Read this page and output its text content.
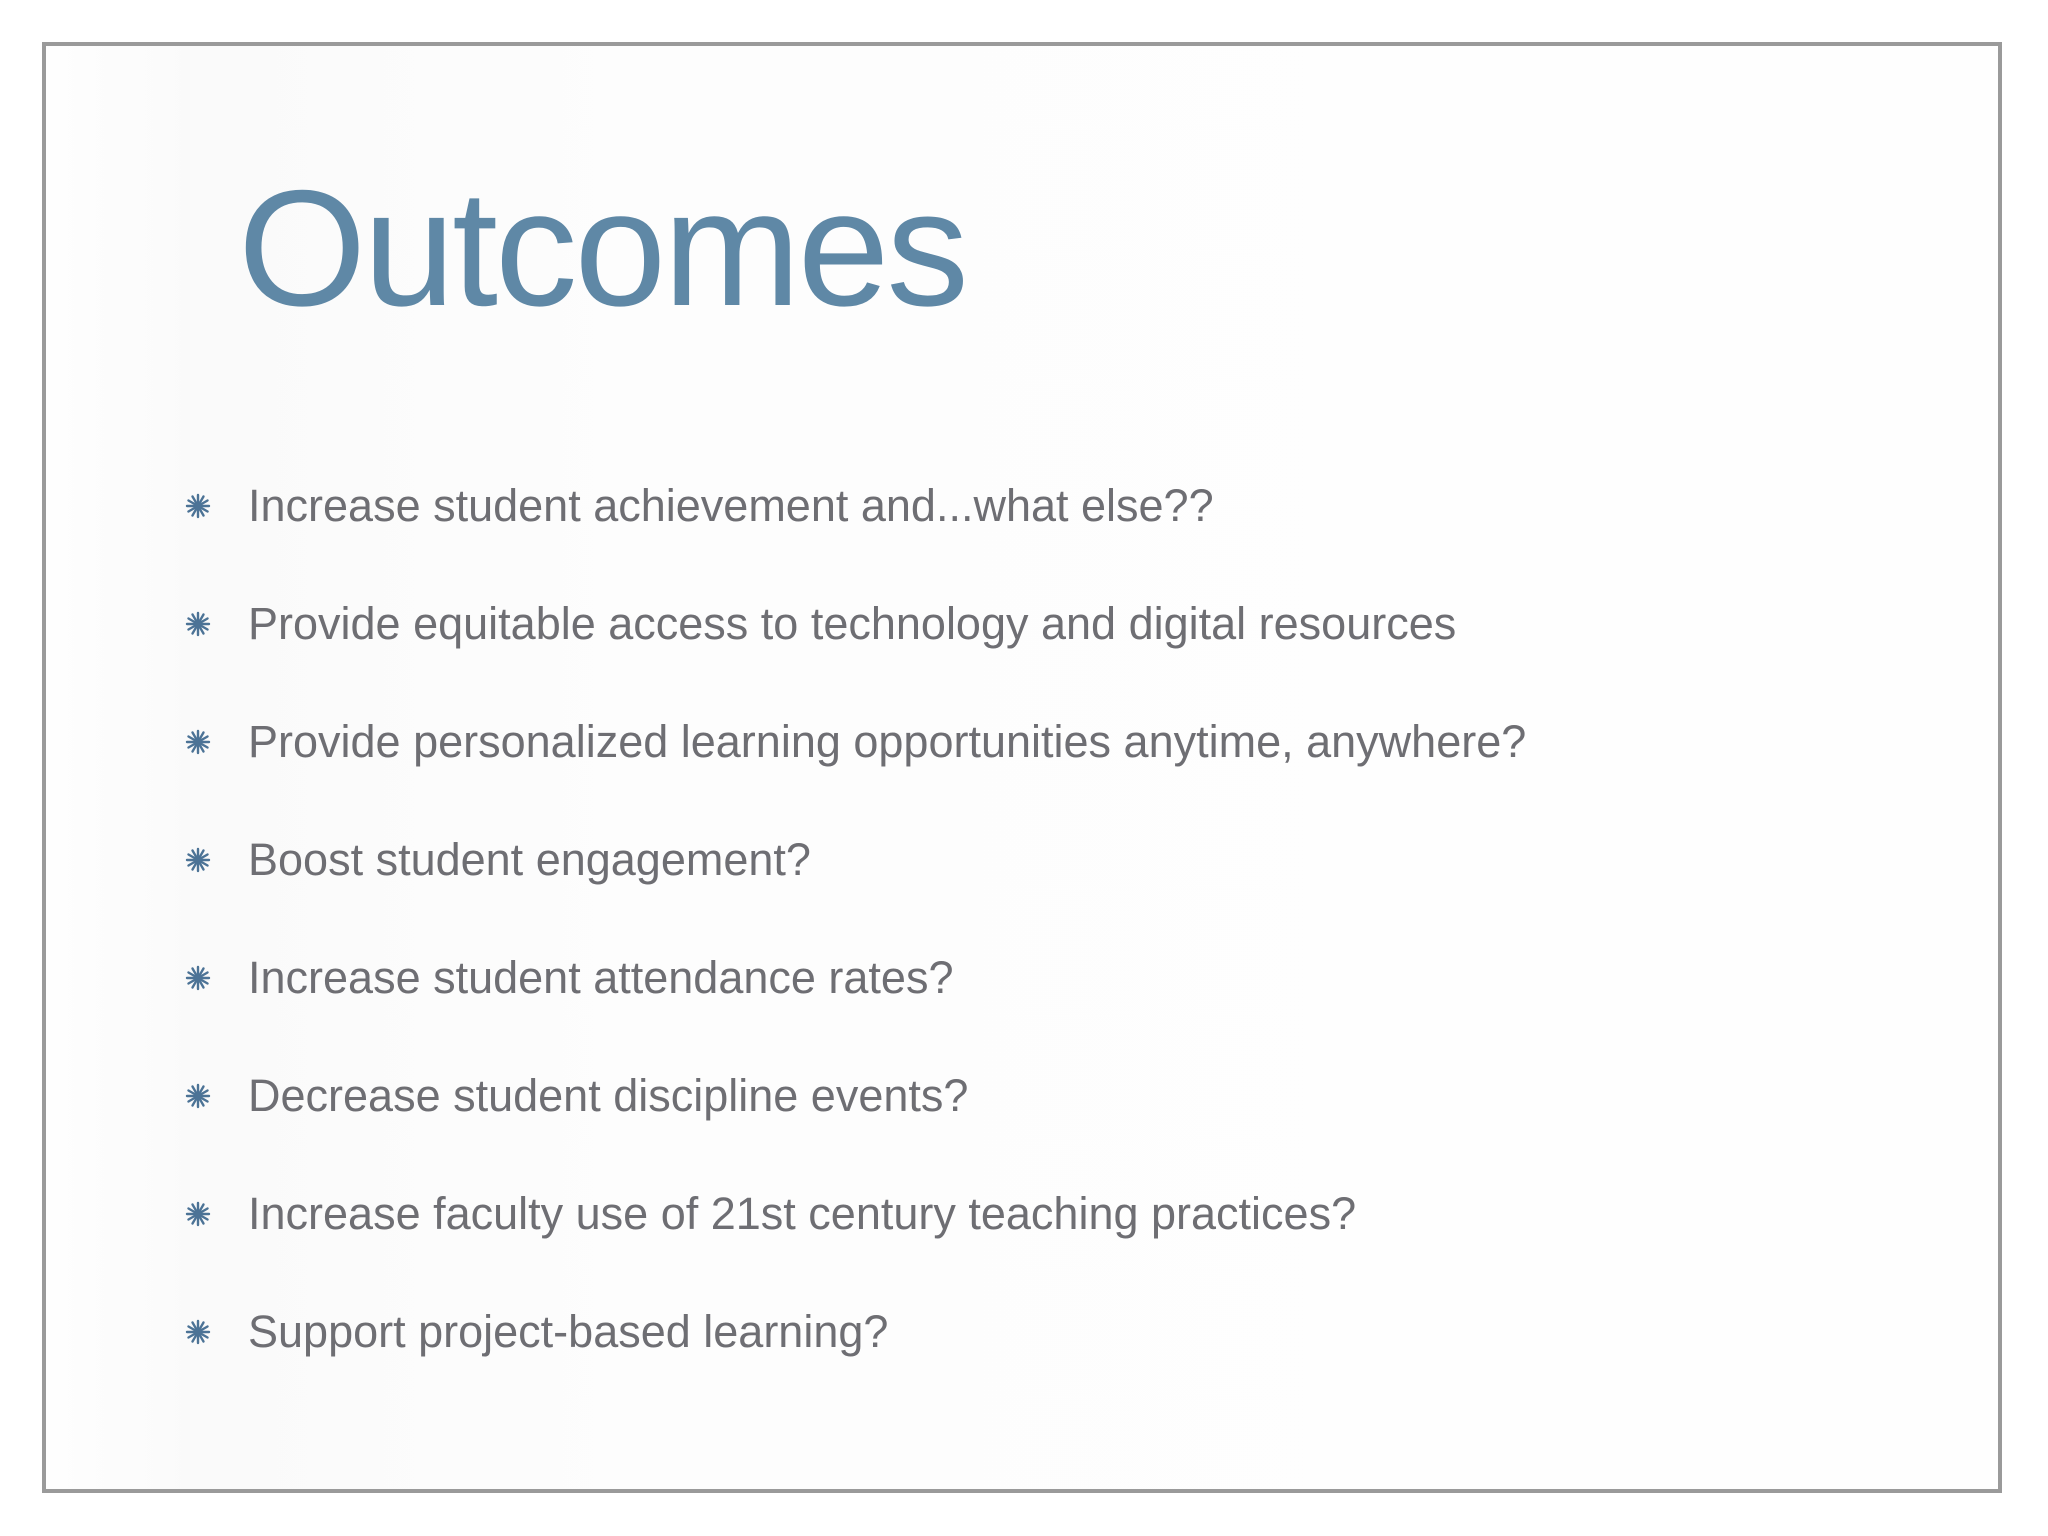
Outcomes
Increase student achievement and...what else??
Provide equitable access to technology and digital resources
Provide personalized learning opportunities anytime, anywhere?
Boost student engagement?
Increase student attendance rates?
Decrease student discipline events?
Increase faculty use of 21st century teaching practices?
Support project-based learning?
